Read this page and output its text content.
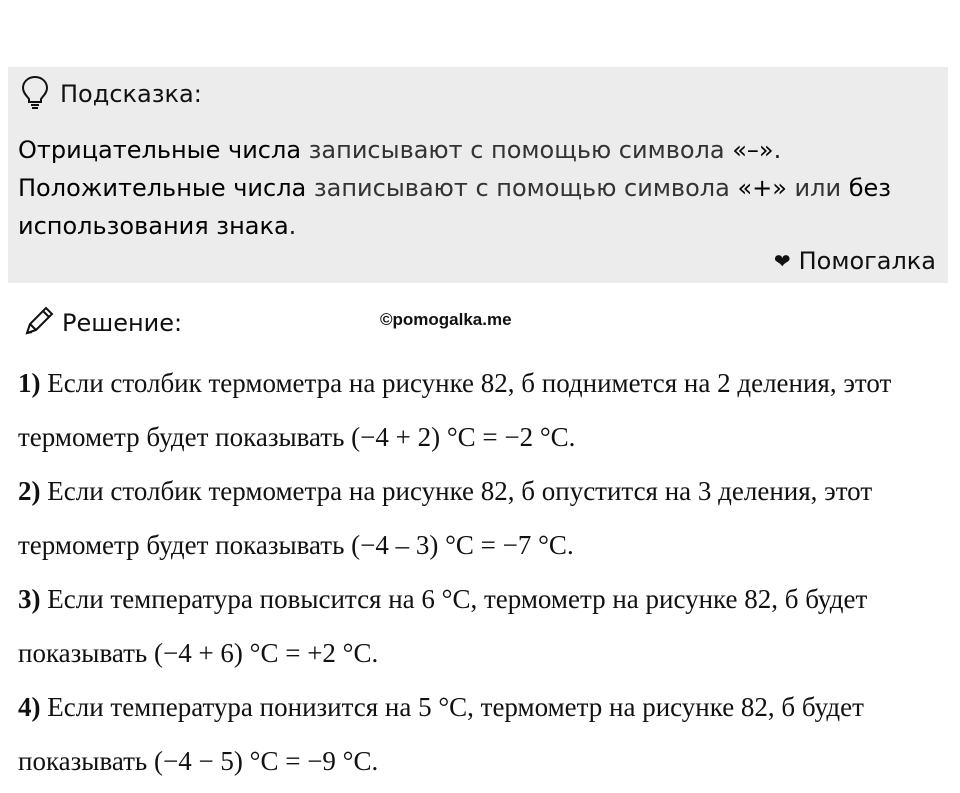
Подсказка:
Отрицательные числа записывают с помощью символа «–».
Положительные числа записывают с помощью символа «+» или без использования знака.
❤ Помогалка
Решение:	©pomogalka.me

1) Если столбик термометра на рисунке 82, б поднимется на 2 деления, этот термометр будет показывать (−4 + 2) °C = −2 °C.

2) Если столбик термометра на рисунке 82, б опустится на 3 деления, этот термометр будет показывать (−4 – 3) °C = −7 °C.

3) Если температура повысится на 6 °C, термометр на рисунке 82, б будет показывать (−4 + 6) °C = +2 °C.

4) Если температура понизится на 5 °C, термометр на рисунке 82, б будет показывать (−4 − 5) °C = −9 °C.
